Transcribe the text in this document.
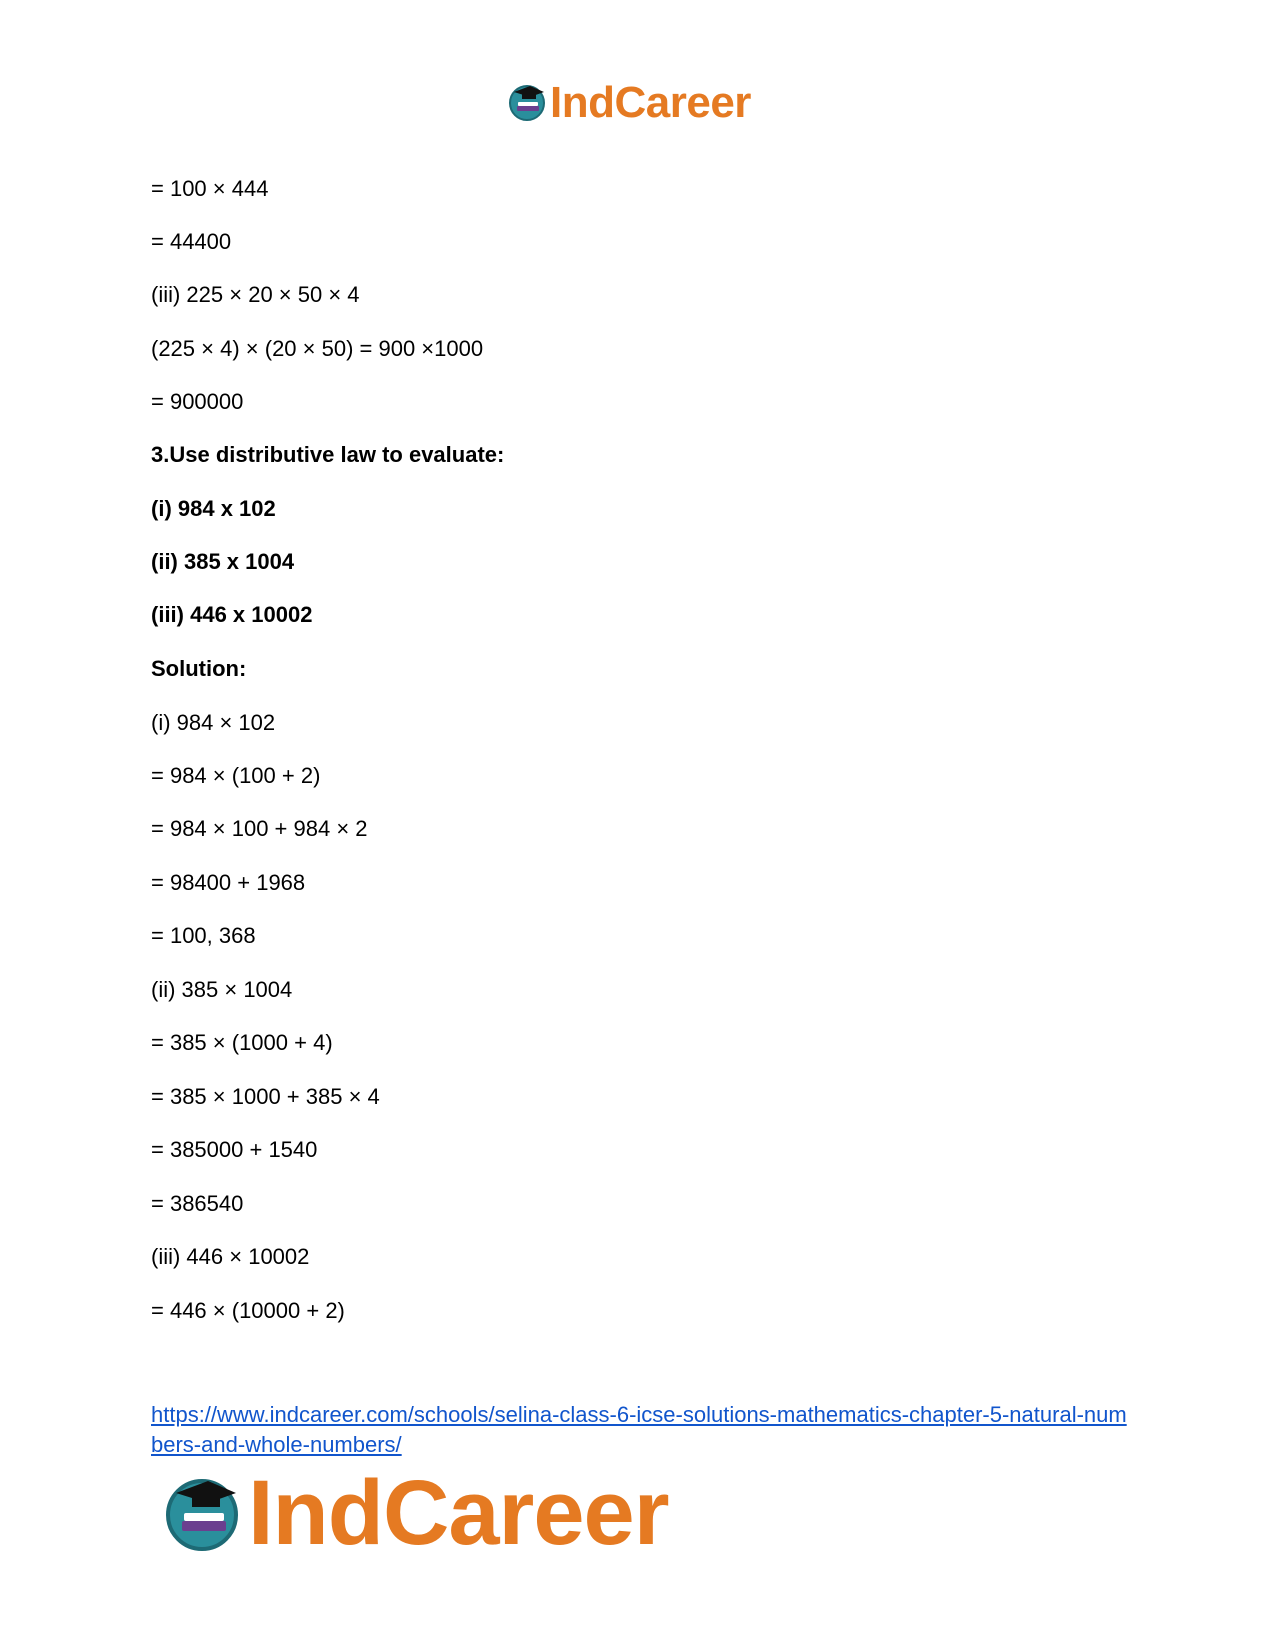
IndCareer
= 100 × 444
= 44400
(iii) 225 × 20 × 50 × 4
(225 × 4) × (20 × 50) = 900 ×1000
= 900000
3.Use distributive law to evaluate:
(i) 984 x 102
(ii) 385 x 1004
(iii) 446 x 10002
Solution:
(i) 984 × 102
= 984 × (100 + 2)
= 984 × 100 + 984 × 2
= 98400 + 1968
= 100, 368
(ii) 385 × 1004
= 385 × (1000 + 4)
= 385 × 1000 + 385 × 4
= 385000 + 1540
= 386540
(iii) 446 × 10002
= 446 × (10000 + 2)
https://www.indcareer.com/schools/selina-class-6-icse-solutions-mathematics-chapter-5-natural-numbers-and-whole-numbers/
IndCareer
